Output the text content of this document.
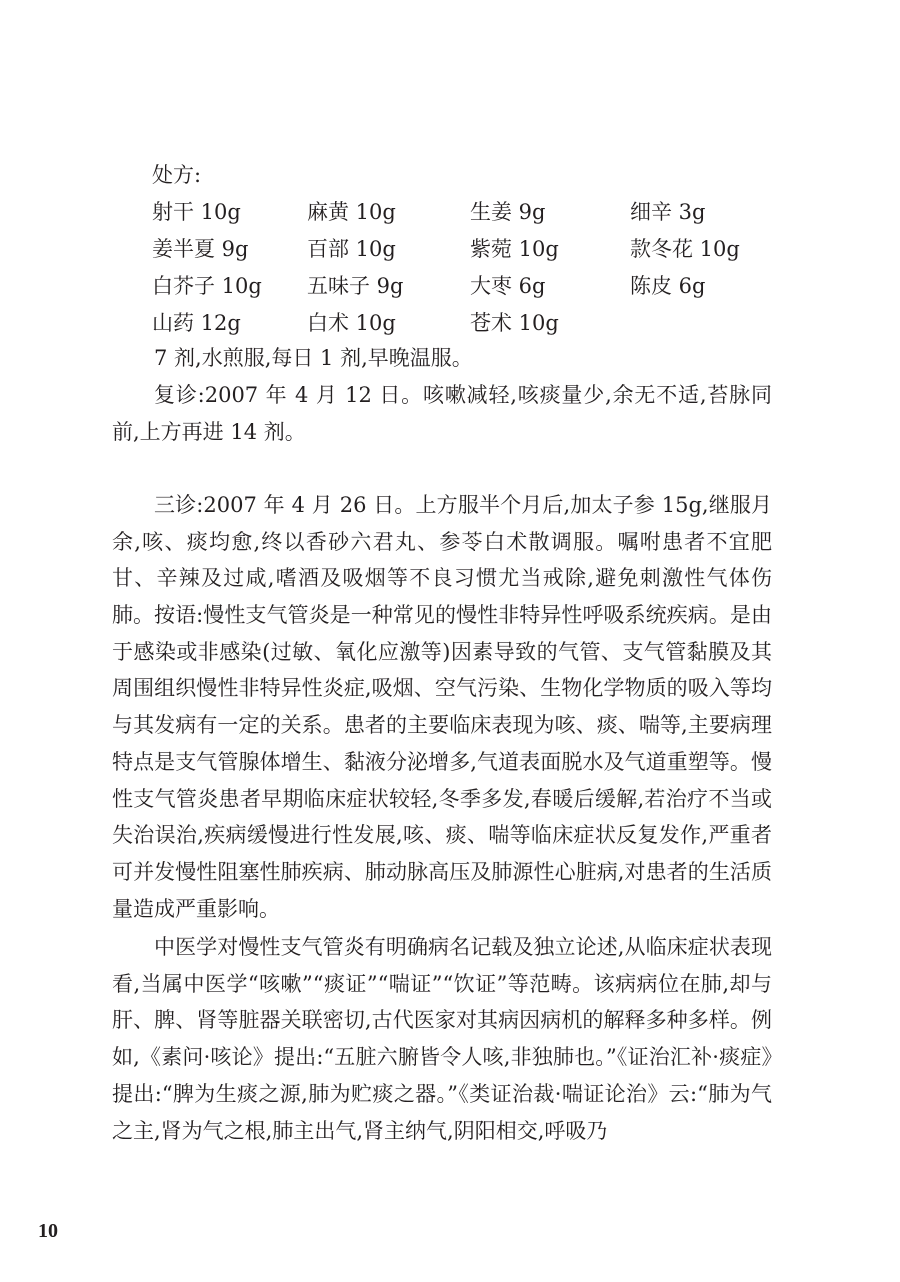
处方:
射干 10g	麻黄 10g	生姜 9g	细辛 3g
姜半夏 9g	百部 10g	紫菀 10g	款冬花 10g
白芥子 10g	五味子 9g	大枣 6g	陈皮 6g
山药 12g	白术 10g	苍术 10g

7 剂,水煎服,每日 1 剂,早晚温服。

复诊:2007 年 4 月 12 日。咳嗽减轻,咳痰量少,余无不适,苔脉同前,上方再进 14 剂。

三诊:2007 年 4 月 26 日。上方服半个月后,加太子参 15g,继服月余,咳、痰均愈,终以香砂六君丸、参苓白术散调服。嘱咐患者不宜肥甘、辛辣及过咸,嗜酒及吸烟等不良习惯尤当戒除,避免刺激性气体伤肺。 按语:慢性支气管炎是一种常见的慢性非特异性呼吸系统疾病。是由于感染或非感染(过敏、氧化应激等)因素导致的气管、支气管黏膜及其周围组织慢性非特异性炎症,吸烟、空气污染、生物化学物质的吸入等均与其发病有一定的关系。患者的主要临床表现为咳、痰、喘等,主要病理特点是支气管腺体增生、黏液分泌增多,气道表面脱水及气道重塑等。慢性支气管炎患者早期临床症状较轻,冬季多发,春暖后缓解,若治疗不当或失治误治,疾病缓慢进行性发展,咳、痰、喘等临床症状反复发作,严重者可并发慢性阻塞性肺疾病、肺动脉高压及肺源性心脏病,对患者的生活质量造成严重影响。

中医学对慢性支气管炎有明确病名记载及独立论述,从临床症状表现看,当属中医学“咳嗽”“痰证”“喘证”“饮证”等范畴。该病病位在肺,却与肝、脾、肾等脏器关联密切,古代医家对其病因病机的解释多种多样。例如,《素问·咳论》提出:“五脏六腑皆令人咳,非独肺也。”《证治汇补·痰症》提出:“脾为生痰之源,肺为贮痰之器。”《类证治裁·喘证论治》云:“肺为气之主,肾为气之根,肺主出气,肾主纳气,阴阳相交,呼吸乃

10
